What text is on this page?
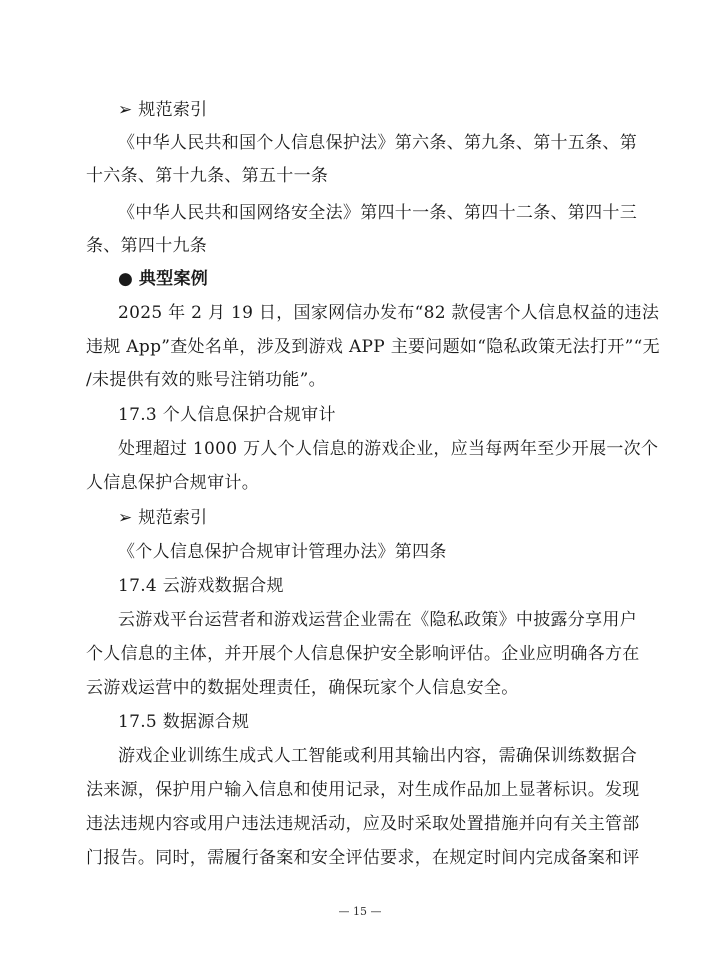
➢ 规范索引
《中华人民共和国个人信息保护法》第六条、第九条、第十五条、第
十六条、第十九条、第五十一条
《中华人民共和国网络安全法》第四十一条、第四十二条、第四十三
条、第四十九条
● 典型案例
2025 年 2 月 19 日，国家网信办发布“82 款侵害个人信息权益的违法
违规 App”查处名单，涉及到游戏 APP 主要问题如“隐私政策无法打开”“无
/未提供有效的账号注销功能”。
17.3 个人信息保护合规审计
处理超过 1000 万人个人信息的游戏企业，应当每两年至少开展一次个
人信息保护合规审计。
➢ 规范索引
《个人信息保护合规审计管理办法》第四条
17.4 云游戏数据合规
云游戏平台运营者和游戏运营企业需在《隐私政策》中披露分享用户
个人信息的主体，并开展个人信息保护安全影响评估。企业应明确各方在
云游戏运营中的数据处理责任，确保玩家个人信息安全。
17.5 数据源合规
游戏企业训练生成式人工智能或利用其输出内容，需确保训练数据合
法来源，保护用户输入信息和使用记录，对生成作品加上显著标识。发现
违法违规内容或用户违法违规活动，应及时采取处置措施并向有关主管部
门报告。同时，需履行备案和安全评估要求，在规定时间内完成备案和评
— 15 —
